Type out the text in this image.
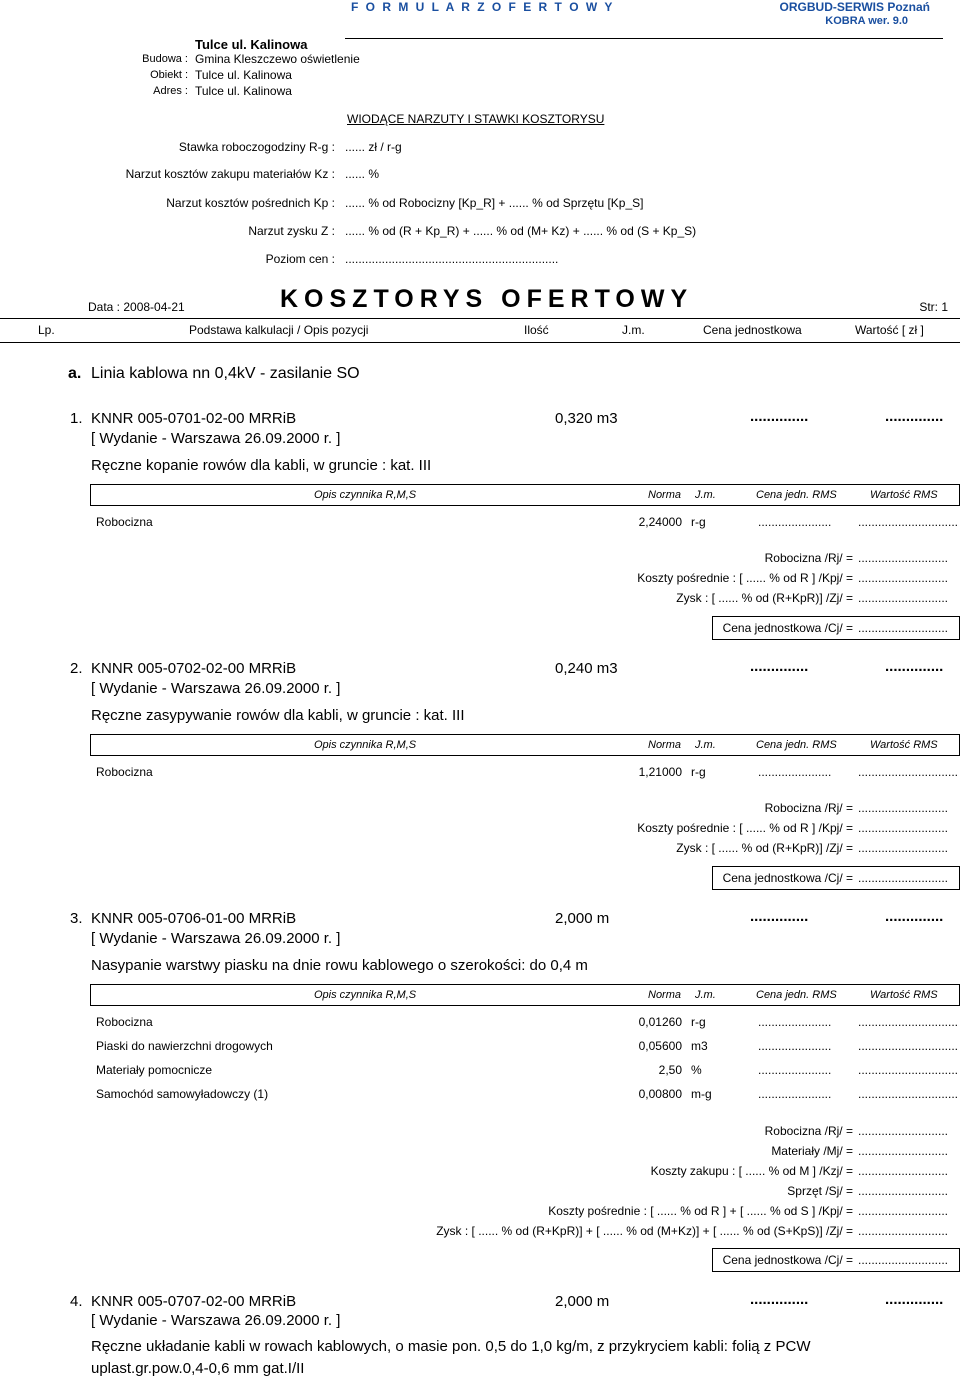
F O R M U L A R Z O F E R T O W Y	ORGBUD-SERWIS Poznań
KOBRA wer. 9.0
Tulce ul. Kalinowa
Budowa : Gmina Kleszczewo oświetlenie
Obiekt : Tulce ul. Kalinowa
Adres : Tulce ul. Kalinowa
WIODĄCE NARZUTY I STAWKI KOSZTORYSU
Stawka roboczogodziny R-g : ...... zł / r-g
Narzut kosztów zakupu materiałów Kz : ...... %
Narzut kosztów pośrednich Kp : ...... % od Robocizny [Kp_R] + ...... % od Sprzętu [Kp_S]
Narzut zysku Z : ...... % od (R + Kp_R) + ...... % od (M+ Kz) + ...... % od (S + Kp_S)
Poziom cen : ................................................................
Data : 2008-04-21	KOSZTORYS OFERTOWY	Str: 1
Lp.	Podstawa kalkulacji / Opis pozycji	Ilość	J.m.	Cena jednostkowa	Wartość [ zł ]
a. Linia kablowa nn 0,4kV - zasilanie SO
1. KNNR 005-0701-02-00 MRRiB	0,320 m3	..............	..............
[ Wydanie - Warszawa 26.09.2000 r. ]
Ręczne kopanie rowów dla kabli, w gruncie : kat. III
Opis czynnika R,M,S	Norma J.m.	Cena jedn. RMS	Wartość RMS
Robocizna	2,24000 r-g	...................... ..............................
Robocizna /Rj/ = ...........................
Koszty pośrednie : [ ...... % od R ] /Kpj/ = ...........................
Zysk : [ ...... % od (R+KpR)] /Zj/ = ...........................
Cena jednostkowa /Cj/ = ...........................
2. KNNR 005-0702-02-00 MRRiB	0,240 m3	..............	..............
[ Wydanie - Warszawa 26.09.2000 r. ]
Ręczne zasypywanie rowów dla kabli, w gruncie : kat. III
Opis czynnika R,M,S	Norma J.m.	Cena jedn. RMS	Wartość RMS
Robocizna	1,21000 r-g	...................... ..............................
Robocizna /Rj/ = ...........................
Koszty pośrednie : [ ...... % od R ] /Kpj/ = ...........................
Zysk : [ ...... % od (R+KpR)] /Zj/ = ...........................
Cena jednostkowa /Cj/ = ...........................
3. KNNR 005-0706-01-00 MRRiB	2,000 m	..............	..............
[ Wydanie - Warszawa 26.09.2000 r. ]
Nasypanie warstwy piasku na dnie rowu kablowego o szerokości: do 0,4 m
Opis czynnika R,M,S	Norma J.m.	Cena jedn. RMS	Wartość RMS
Robocizna	0,01260 r-g	...................... ..............................
Piaski do nawierzchni drogowych	0,05600 m3	...................... ..............................
Materiały pomocnicze	2,50 %	...................... ..............................
Samochód samowyładowczy (1)	0,00800 m-g	...................... ..............................
Robocizna /Rj/ = ...........................
Materiały /Mj/ = ...........................
Koszty zakupu : [ ...... % od M ] /Kzj/ = ...........................
Sprzęt /Sj/ = ...........................
Koszty pośrednie : [ ...... % od R ] + [ ...... % od S ] /Kpj/ = ...........................
Zysk : [ ...... % od (R+KpR)] + [ ...... % od (M+Kz)] + [ ...... % od (S+KpS)] /Zj/ = ...........................
Cena jednostkowa /Cj/ = ...........................
4. KNNR 005-0707-02-00 MRRiB	2,000 m	..............	..............
[ Wydanie - Warszawa 26.09.2000 r. ]
Ręczne układanie kabli w rowach kablowych, o masie pon. 0,5 do 1,0 kg/m, z przykryciem kabli: folią z PCW
uplast.gr.pow.0,4-0,6 mm gat.I/II
